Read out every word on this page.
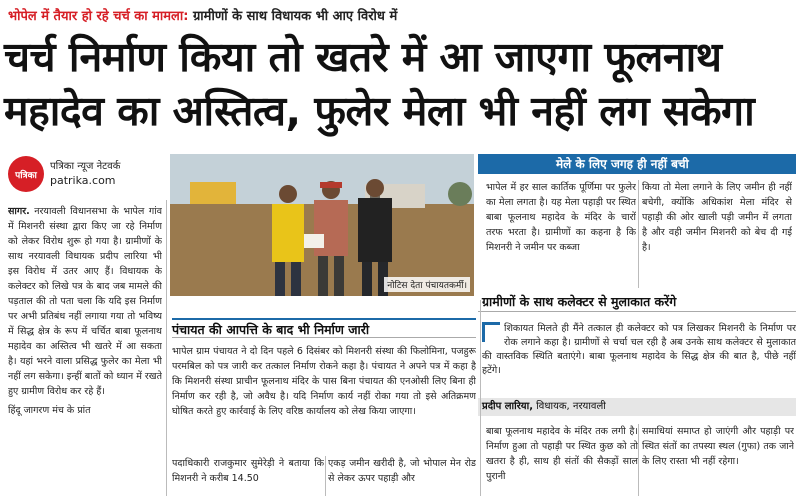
भोपेल में तैयार हो रहे चर्च का मामला: ग्रामीणों के साथ विधायक भी आए विरोध में
चर्च निर्माण किया तो खतरे में आ जाएगा फूलनाथ
महादेव का अस्तित्व, फुलेर मेला भी नहीं लग सकेगा
पत्रिका
पत्रिका न्यूज नेटवर्क
patrika.com

सागर. नरयावली विधानसभा के भापेल गांव में मिशनरी संस्था द्वारा किए जा रहे निर्माण को लेकर विरोध शुरू हो गया है। ग्रामीणों के साथ नरयावली विधायक प्रदीप लारिया भी इस विरोध में उतर आए हैं। विधायक के कलेक्टर को लिखे पत्र के बाद जब मामले की पड़ताल की तो पता चला कि यदि इस निर्माण पर अभी प्रतिबंध नहीं लगाया गया तो भविष्य में सिद्ध क्षेत्र के रूप में चर्चित बाबा फूलनाथ महादेव का अस्तित्व भी खतरे में आ सकता है। यहां भरने वाला प्रसिद्ध फुलेर का मेला भी नहीं लग सकेगा। इन्हीं बातों को ध्यान में रखते हुए ग्रामीण विरोध कर रहे हैं।

हिंदू जागरण मंच के प्रांत

नोटिस देता पंचायतकर्मी।
मेले के लिए जगह ही नहीं बची
भापेल में हर साल कार्तिक पूर्णिमा पर फुलेर का मेला लगता है। यह मेला पहाड़ी पर स्थित बाबा फूलनाथ महादेव के मंदिर के चारों तरफ भरता है। ग्रामीणों का कहना है कि मिशनरी ने जमीन पर कब्जा
किया तो मेला लगाने के लिए जमीन ही नहीं बचेगी, क्योंकि अधिकांश मेला मंदिर से पहाड़ी की ओर खाली पड़ी जमीन में लगता है और वही जमीन मिशनरी को बेच दी गई है।
ग्रामीणों के साथ कलेक्टर से मुलाकात करेंगे
शिकायत मिलते ही मैंने तत्काल ही कलेक्टर को पत्र लिखकर मिशनरी के निर्माण पर रोक लगाने कहा है। ग्रामीणों से चर्चा चल रही है अब उनके साथ कलेक्टर से मुलाकात की वास्तविक स्थिति बताएंगे। बाबा फूलनाथ महादेव के सिद्ध क्षेत्र की बात है, पीछे नहीं हटेंगे।
प्रदीप लारिया, विधायक, नरयावली
पंचायत की आपत्ति के बाद भी निर्माण जारी
भापेल ग्राम पंचायत ने दो दिन पहले 6 दिसंबर को मिशनरी संस्था की फिलोमिना, पजहुरू परमबिल को पत्र जारी कर तत्काल निर्माण रोकने कहा है। पंचायत ने अपने पत्र में कहा है कि मिशनरी संस्था प्राचीन फूलनाथ मंदिर के पास बिना पंचायत की एनओसी लिए बिना ही निर्माण कर रही है, जो अवैध है। यदि निर्माण कार्य नहीं रोका गया तो इसे अतिक्रमण घोषित करते हुए कार्रवाई के लिए वरिष्ठ कार्यालय को लेख किया जाएगा।
पदाधिकारी राजकुमार सुमेरेड़ी ने बताया कि मिशनरी ने करीब 14.50
एकड़ जमीन खरीदी है, जो भोपाल मेन रोड से लेकर ऊपर पहाड़ी और
बाबा फूलनाथ महादेव के मंदिर तक लगी है। निर्माण हुआ तो पहाड़ी पर स्थित कुछ को तो खतरा है ही, साथ ही संतों की सैकड़ों साल पुरानी
समाधियां समाप्त हो जाएंगी और पहाड़ी पर स्थित संतों का तपस्या स्थल (गुफा) तक जाने के लिए रास्ता भी नहीं रहेगा।
